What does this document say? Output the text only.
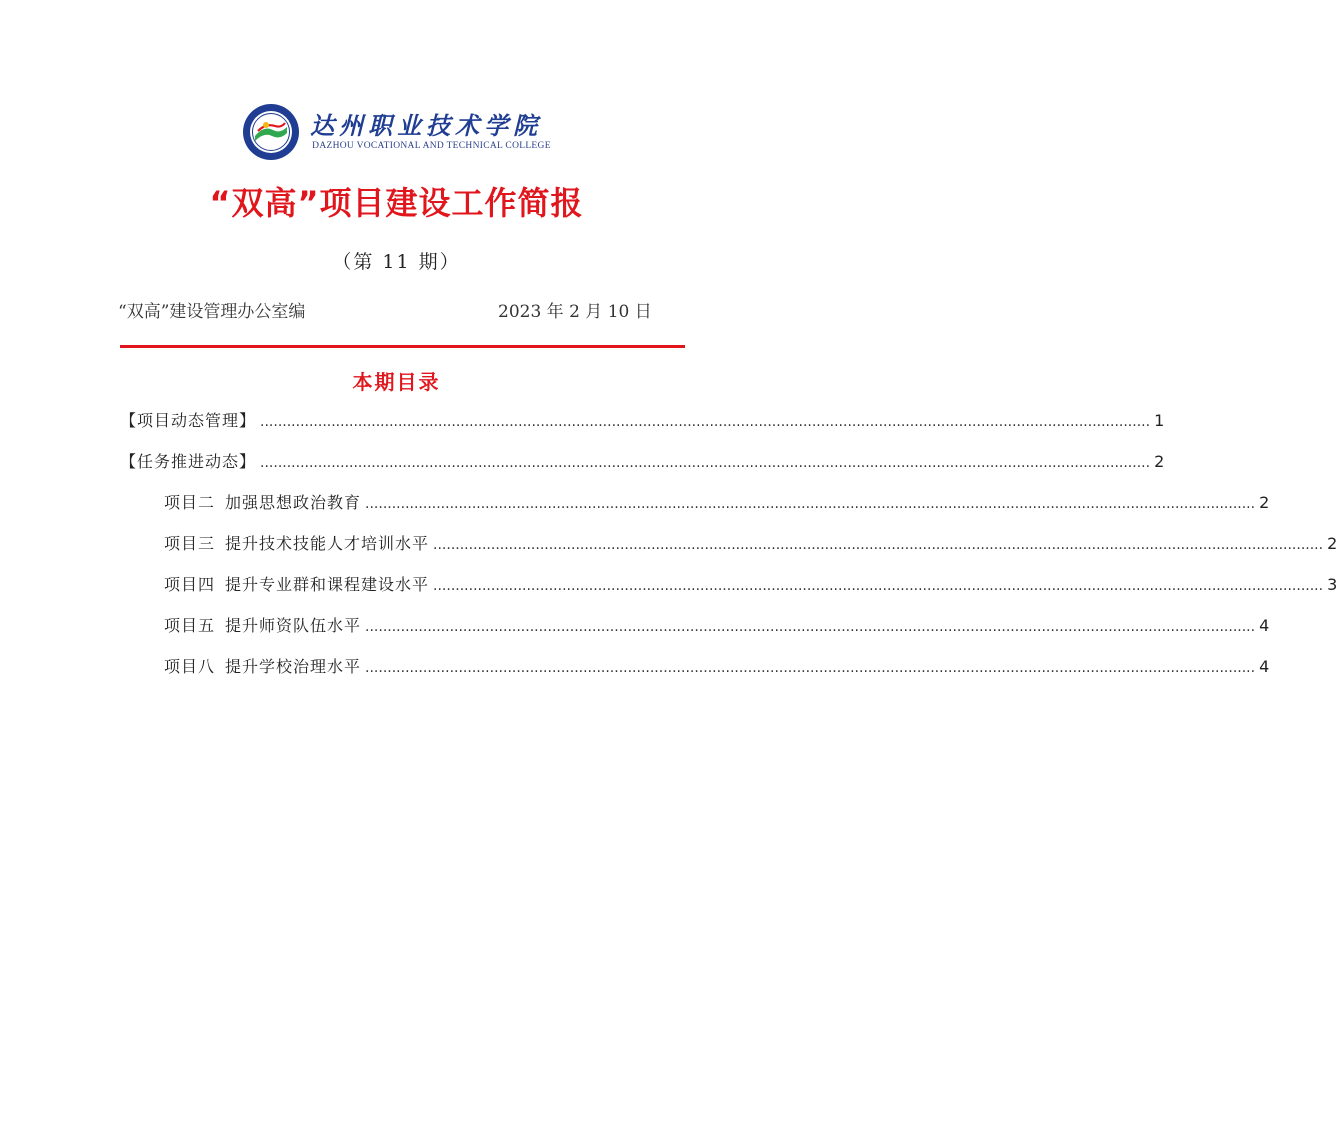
达州职业技术学院
DAZHOU VOCATIONAL AND TECHNICAL COLLEGE
“双高”项目建设工作简报
（第 11 期）
“双高”建设管理办公室编	2023 年 2 月 10 日
本期目录
【项目动态管理】 ........................................................................................................................................................................................................ 1
【任务推进动态】 ........................................................................................................................................................................................................ 2
项目二 加强思想政治教育 ........................................................................................................................................................................................................ 2
项目三 提升技术技能人才培训水平 ........................................................................................................................................................................................................ 2
项目四 提升专业群和课程建设水平 ........................................................................................................................................................................................................ 3
项目五 提升师资队伍水平 ........................................................................................................................................................................................................ 4
项目八 提升学校治理水平 ........................................................................................................................................................................................................ 4
